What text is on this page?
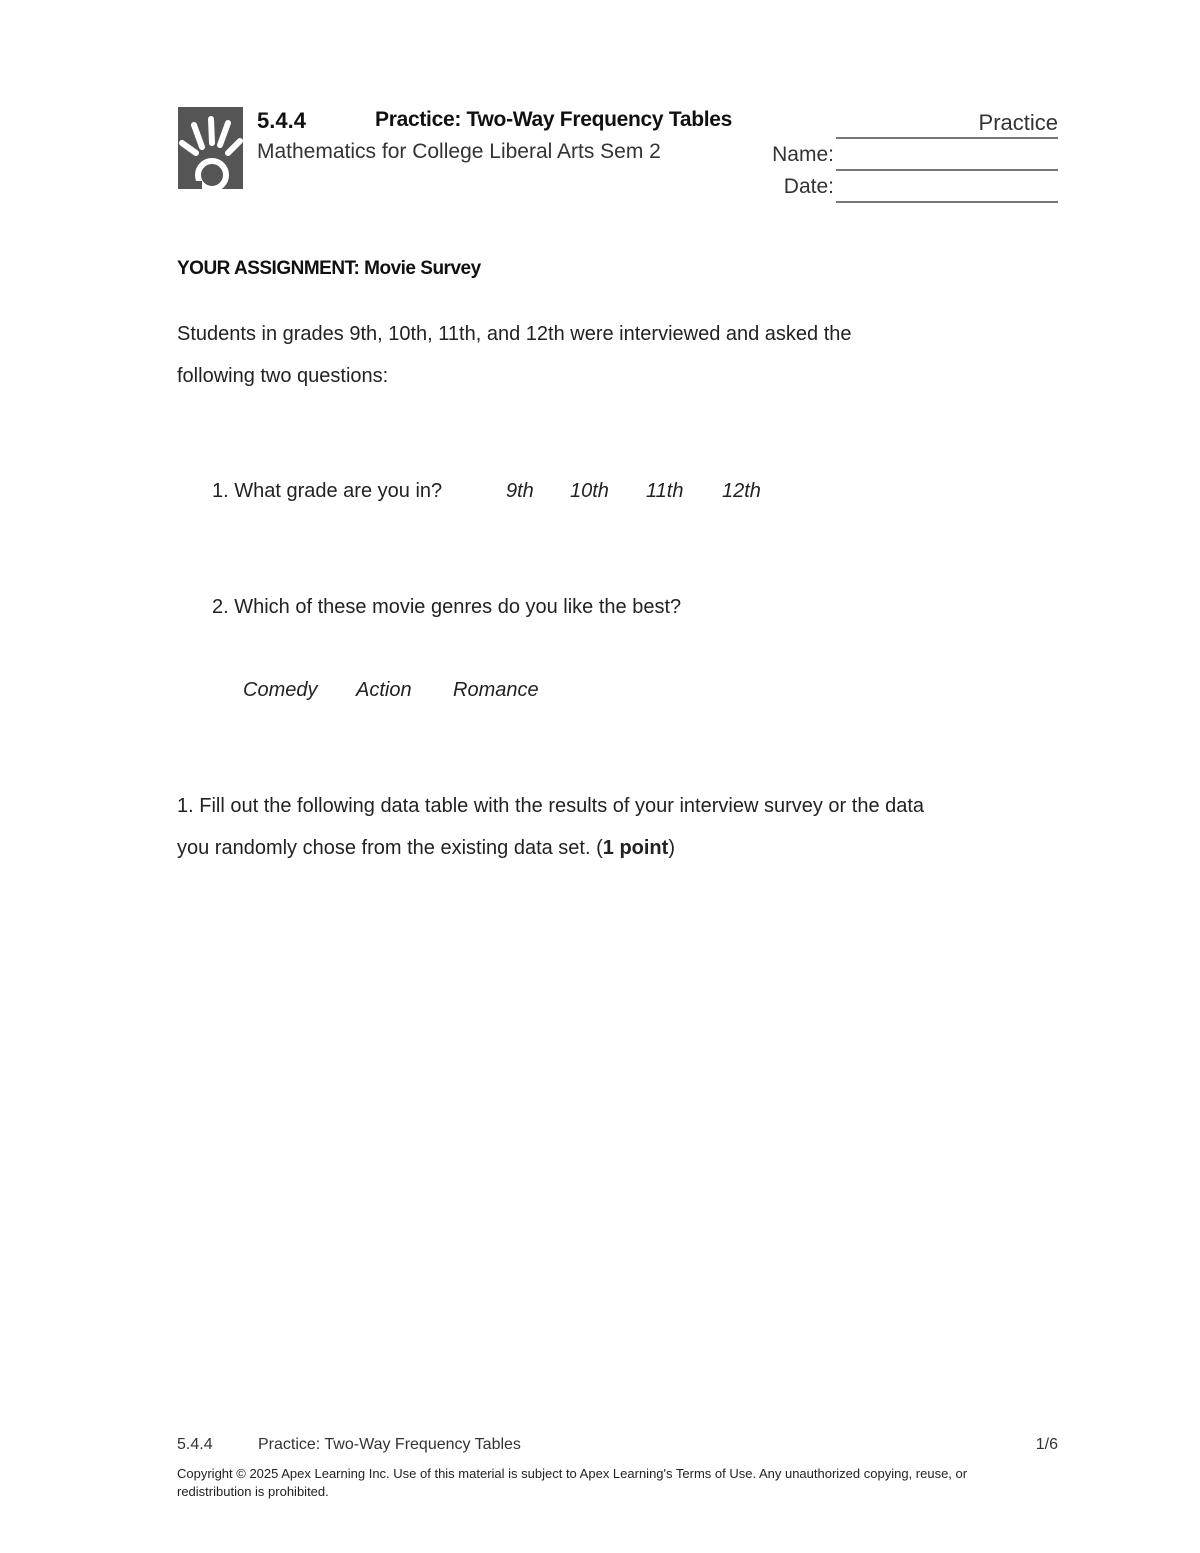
5.4.4	Practice: Two-Way Frequency Tables	Practice
Mathematics for College Liberal Arts Sem 2	Name:
Date:
YOUR ASSIGNMENT: Movie Survey
Students in grades 9th, 10th, 11th, and 12th were interviewed and asked the
following two questions:
1. What grade are you in?	9th 10th 11th 12th
2. Which of these movie genres do you like the best?
Comedy Action Romance
1. Fill out the following data table with the results of your interview survey or the data
you randomly chose from the existing data set. (1 point)
5.4.4	Practice: Two-Way Frequency Tables	1/6
Copyright © 2025 Apex Learning Inc. Use of this material is subject to Apex Learning's Terms of Use. Any unauthorized copying, reuse, or redistribution is prohibited.
